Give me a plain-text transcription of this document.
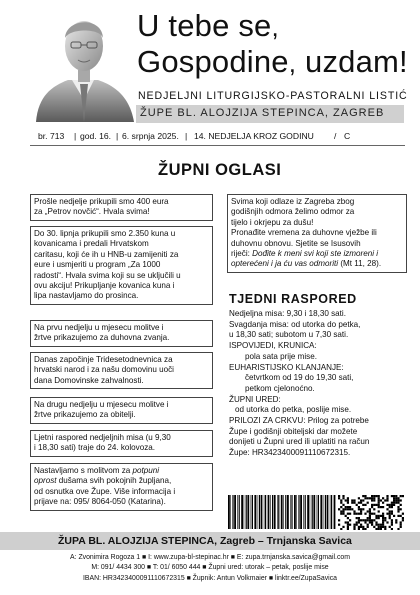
U tebe se,
Gospodine, uzdam!
NEDJELJNI LITURGIJSKO-PASTORALNI LISTIĆ
ŽUPE BL. ALOJZIJA STEPINCA, ZAGREB
br. 713 | god. 16. | 6. srpnja 2025. | 14. NEDJELJA KROZ GODINU / C
ŽUPNI OGLASI

Prošle nedjelje prikupili smo 400 eura

za „Petrov novčić“. Hvala svima!

Do 30. lipnja prikupili smo 2.350 kuna u

kovanicama i predali Hrvatskom

caritasu, koji će ih u HNB-u zamijeniti za

eure i usmjeriti u program „Za 1000

radosti“. Hvala svima koji su se uključili u

ovu akciju! Prikupljanje kovanica kuna i

lipa nastavljamo do prosinca.

Na prvu nedjelju u mjesecu molitve i

žrtve prikazujemo za duhovna zvanja.

Danas započinje Tridesetodnevnica za

hrvatski narod i za našu domovinu uoči

dana Domovinske zahvalnosti.

Na drugu nedjelju u mjesecu molitve i

žrtve prikazujemo za obitelji.

Ljetni raspored nedjeljnih misa (u 9,30

i 18,30 sati) traje do 24. kolovoza.

Nastavljamo s molitvom za potpuni

oprost dušama svih pokojnih župljana,

od osnutka ove Župe. Više informacija i

prijave na: 095/ 8064-050 (Katarina).

Svima koji odlaze iz Zagreba zbog

godišnjih odmora želimo odmor za

tijelo i okrjepu za dušu!

Pronađite vremena za duhovne vježbe ili

duhovnu obnovu. Sjetite se Isusovih

riječi: Dođite k meni svi koji ste izmoreni i

opterećeni i ja ću vas odmoriti (Mt 11, 28).

TJEDNI RASPORED
Nedjeljna misa: 9,30 i 18,30 sati.
Svagdanja misa: od utorka do petka,
u 18,30 sati; subotom u 7,30 sati.
ISPOVIJEDI, KRUNICA:
pola sata prije mise.
EUHARISTIJSKO KLANJANJE:
četvrtkom od 19 do 19,30 sati,
petkom cjelonoćno.
ŽUPNI URED:
od utorka do petka, poslije mise.
PRILOZI ZA CRKVU: Prilog za potrebe
Župe i godišnji obiteljski dar možete
donijeti u Župni ured ili uplatiti na račun
Župe: HR3423400091110672315.
ŽUPA BL. ALOJZIJA STEPINCA, Zagreb – Trnjanska Savica
A: Zvonimira Rogoza 1 ■ I: www.zupa-bl-stepinac.hr ■ E: zupa.trnjanska.savica@gmail.com
M: 091/ 4434 300 ■ T: 01/ 6050 444 ■ Župni ured: utorak – petak, poslije mise
IBAN: HR3423400091110672315 ■ Župnik: Antun Volkmaier ■ linktr.ee/ZupaSavica
